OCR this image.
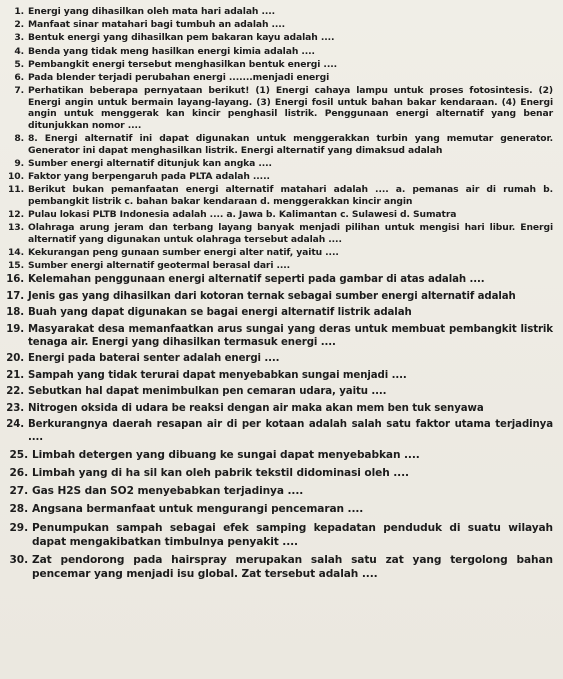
1. Energi yang dihasilkan oleh mata hari adalah ....
2. Manfaat sinar matahari bagi tumbuh an adalah ....
3. Bentuk energi yang dihasilkan pem bakaran kayu adalah ....
4. Benda yang tidak meng hasilkan energi kimia adalah ....
5. Pembangkit energi tersebut menghasilkan bentuk energi ....
6. Pada blender terjadi perubahan energi .......menjadi energi
7. Perhatikan beberapa pernyataan berikut! (1) Energi cahaya lampu untuk proses fotosintesis. (2) Energi angin untuk bermain layang-layang. (3) Energi fosil untuk bahan bakar kendaraan. (4) Energi angin untuk menggerak kan kincir penghasil listrik. Penggunaan energi alternatif yang benar ditunjukkan nomor ....
8. 8. Energi alternatif ini dapat digunakan untuk menggerakkan turbin yang memutar generator. Generator ini dapat menghasilkan listrik. Energi alternatif yang dimaksud adalah
9. Sumber energi alternatif ditunjuk kan angka ....
10. Faktor yang berpengaruh pada PLTA adalah .....
11. Berikut bukan pemanfaatan energi alternatif matahari adalah .... a. pemanas air di rumah b. pembangkit listrik c. bahan bakar kendaraan d. menggerakkan kincir angin
12. Pulau lokasi PLTB Indonesia adalah .... a. Jawa b. Kalimantan c. Sulawesi d. Sumatra
13. Olahraga arung jeram dan terbang layang banyak menjadi pilihan untuk mengisi hari libur. Energi alternatif yang digunakan untuk olahraga tersebut adalah ....
14. Kekurangan peng gunaan sumber energi alter natif, yaitu ....
15. Sumber energi alternatif geotermal berasal dari ....
16. Kelemahan penggunaan energi alternatif seperti pada gambar di atas adalah ....
17. Jenis gas yang dihasilkan dari kotoran ternak sebagai sumber energi alternatif adalah
18. Buah yang dapat digunakan se bagai energi alternatif listrik adalah
19. Masyarakat desa memanfaatkan arus sungai yang deras untuk membuat pembangkit listrik tenaga air. Energi yang dihasilkan termasuk energi ....
20. Energi pada baterai senter adalah energi ....
21. Sampah yang tidak terurai dapat menyebabkan sungai menjadi ....
22. Sebutkan hal dapat menimbulkan pen cemaran udara, yaitu ....
23. Nitrogen oksida di udara be reaksi dengan air maka akan mem ben tuk senyawa
24. Berkurangnya daerah resapan air di per kotaan adalah salah satu faktor utama terjadinya ....
25. Limbah detergen yang dibuang ke sungai dapat menyebabkan ....
26. Limbah yang di ha sil kan oleh pabrik tekstil didominasi oleh ....
27. Gas H2S dan SO2 menyebabkan terjadinya ....
28. Angsana bermanfaat untuk mengurangi pencemaran ....
29. Penumpukan sampah sebagai efek samping kepadatan penduduk di suatu wilayah dapat mengakibatkan timbulnya penyakit ....
30. Zat pendorong pada hairspray merupakan salah satu zat yang tergolong bahan pencemar yang menjadi isu global. Zat tersebut adalah ....
